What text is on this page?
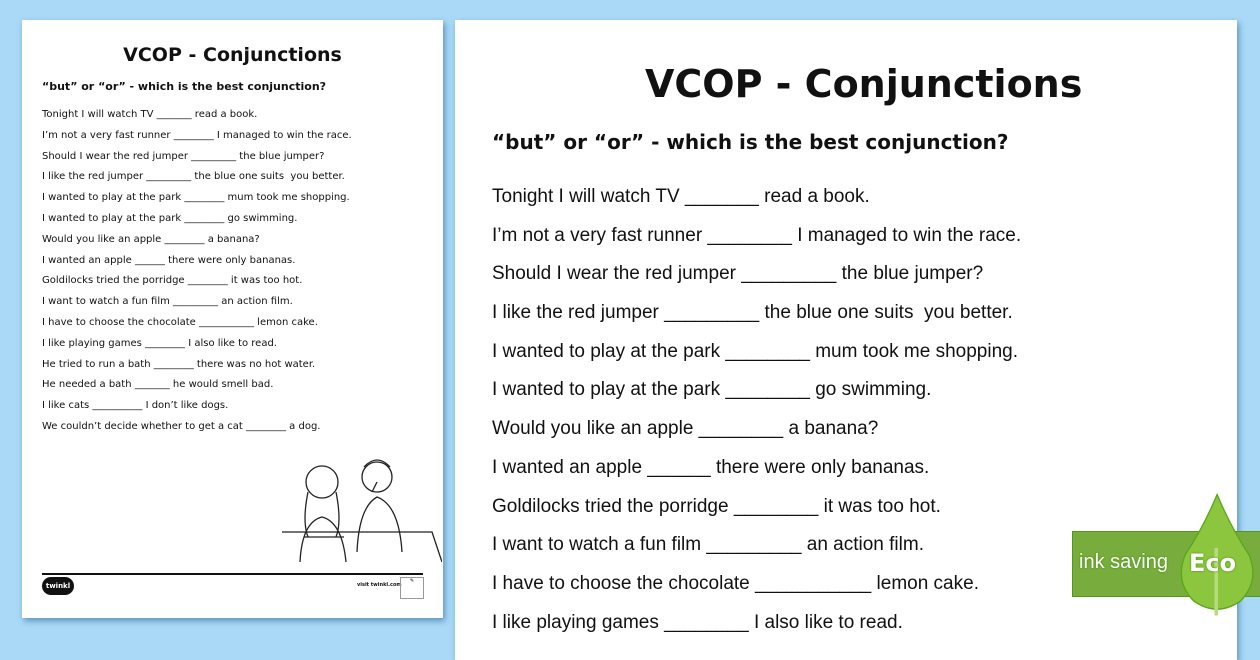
VCOP - Conjunctions
“but” or “or” - which is the best conjunction?
Tonight I will watch TV _______ read a book.
I’m not a very fast runner ________ I managed to win the race.
Should I wear the red jumper _________ the blue jumper?
I like the red jumper _________ the blue one suits  you better.
I wanted to play at the park ________ mum took me shopping.
I wanted to play at the park ________ go swimming.
Would you like an apple ________ a banana?
I wanted an apple ______ there were only bananas.
Goldilocks tried the porridge ________ it was too hot.
I want to watch a fun film _________ an action film.
I have to choose the chocolate ___________ lemon cake.
I like playing games ________ I also like to read.
He tried to run a bath ________ there was no hot water.
He needed a bath _______ he would smell bad.
I like cats __________ I don’t like dogs.
We couldn’t decide whether to get a cat ________ a dog.
twinkl	visit twinkl.com
✎
VCOP - Conjunctions
“but” or “or” - which is the best conjunction?
Tonight I will watch TV _______ read a book.
I’m not a very fast runner ________ I managed to win the race.
Should I wear the red jumper _________ the blue jumper?
I like the red jumper _________ the blue one suits  you better.
I wanted to play at the park ________ mum took me shopping.
I wanted to play at the park ________ go swimming.
Would you like an apple ________ a banana?
I wanted an apple ______ there were only bananas.
Goldilocks tried the porridge ________ it was too hot.
I want to watch a fun film _________ an action film.
I have to choose the chocolate ___________ lemon cake.
I like playing games ________ I also like to read.
ink saving Eco
